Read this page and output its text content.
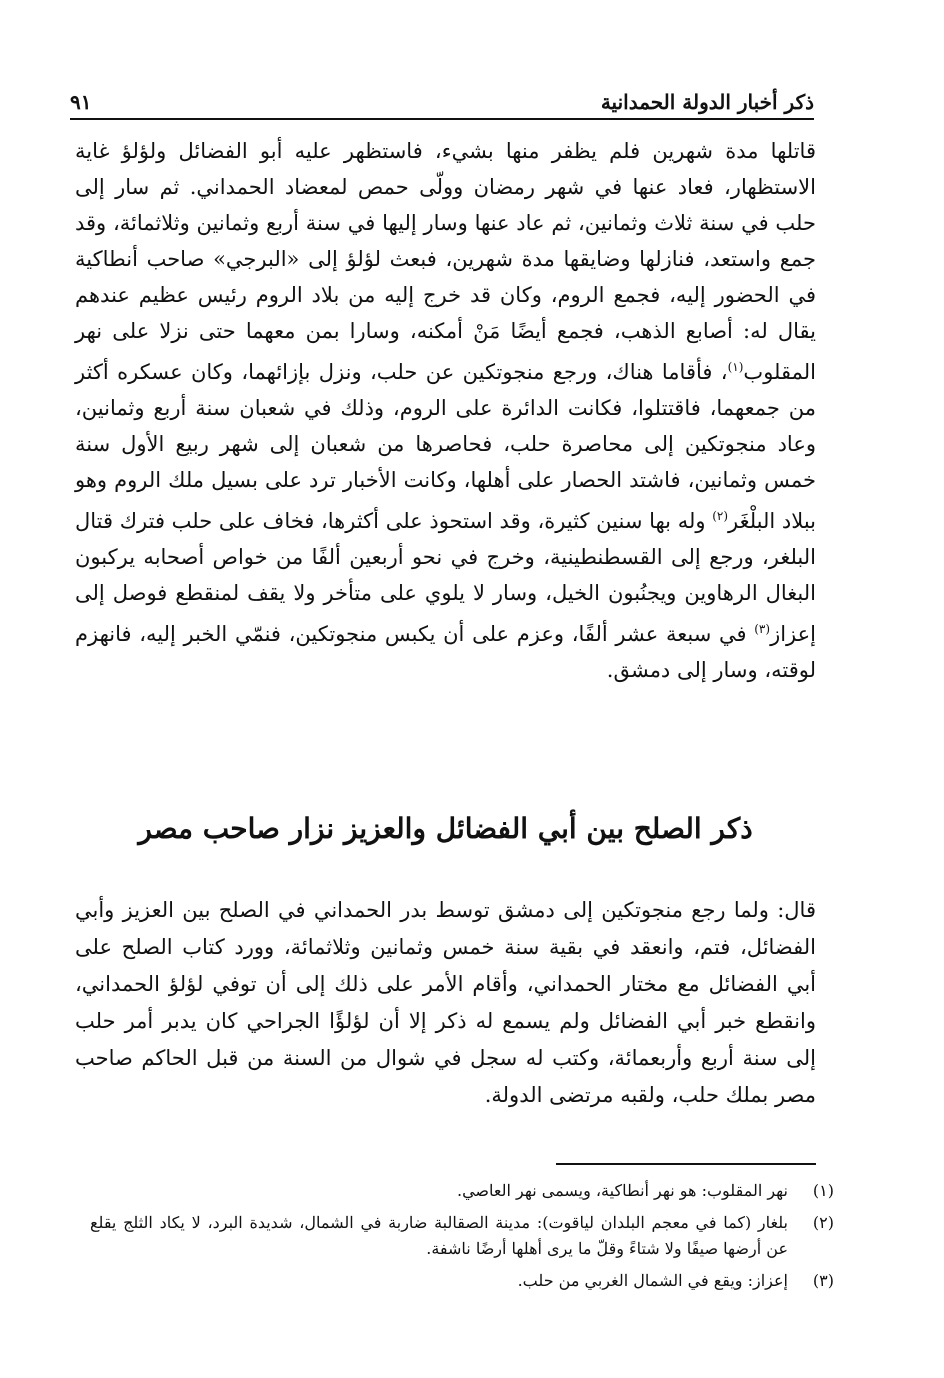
ذكر أخبار الدولة الحمدانية
٩١

قاتلها مدة شهرين فلم يظفر منها بشيء، فاستظهر عليه أبو الفضائل ولؤلؤ غاية الاستظهار، فعاد عنها في شهر رمضان وولّى حمص لمعضاد الحمداني. ثم سار إلى حلب في سنة ثلاث وثمانين، ثم عاد عنها وسار إليها في سنة أربع وثمانين وثلاثمائة، وقد جمع واستعد، فنازلها وضايقها مدة شهرين، فبعث لؤلؤ إلى «البرجي» صاحب أنطاكية في الحضور إليه، فجمع الروم، وكان قد خرج إليه من بلاد الروم رئيس عظيم عندهم يقال له: أصابع الذهب، فجمع أيضًا مَنْ أمكنه، وسارا بمن معهما حتى نزلا على نهر المقلوب$^{(١)}$، فأقاما هناك، ورجع منجوتكين عن حلب، ونزل بإزائهما، وكان عسكره أكثر من جمعهما، فاقتتلوا، فكانت الدائرة على الروم، وذلك في شعبان سنة أربع وثمانين، وعاد منجوتكين إلى محاصرة حلب، فحاصرها من شعبان إلى شهر ربيع الأول سنة خمس وثمانين، فاشتد الحصار على أهلها، وكانت الأخبار ترد على بسيل ملك الروم وهو ببلاد البلْغَر$^{(٢)}$ وله بها سنين كثيرة، وقد استحوذ على أكثرها، فخاف على حلب فترك قتال البلغر، ورجع إلى القسطنطينية، وخرج في نحو أربعين ألفًا من خواص أصحابه يركبون البغال الرهاوين ويجنُبون الخيل، وسار لا يلوي على متأخر ولا يقف لمنقطع فوصل إلى إعزاز$^{(٣)}$ في سبعة عشر ألفًا، وعزم على أن يكبس منجوتكين، فنمّي الخبر إليه، فانهزم لوقته، وسار إلى دمشق.

ذكر الصلح بين أبي الفضائل والعزيز نزار صاحب مصر

قال: ولما رجع منجوتكين إلى دمشق توسط بدر الحمداني في الصلح بين العزيز وأبي الفضائل، فتم، وانعقد في بقية سنة خمس وثمانين وثلاثمائة، وورد كتاب الصلح على أبي الفضائل مع مختار الحمداني، وأقام الأمر على ذلك إلى أن توفي لؤلؤ الحمداني، وانقطع خبر أبي الفضائل ولم يسمع له ذكر إلا أن لؤلؤًا الجراحي كان يدبر أمر حلب إلى سنة أربع وأربعمائة، وكتب له سجل في شوال من السنة من قبل الحاكم صاحب مصر بملك حلب، ولقبه مرتضى الدولة.

(١)
نهر المقلوب: هو نهر أنطاكية، ويسمى نهر العاصي.
(٢)
بلغار (كما في معجم البلدان لياقوت): مدينة الصقالبة ضاربة في الشمال، شديدة البرد، لا يكاد الثلج يقلع عن أرضها صيفًا ولا شتاءً وقلّ ما يرى أهلها أرضًا ناشفة.
(٣)
إعزاز: ويقع في الشمال الغربي من حلب.
